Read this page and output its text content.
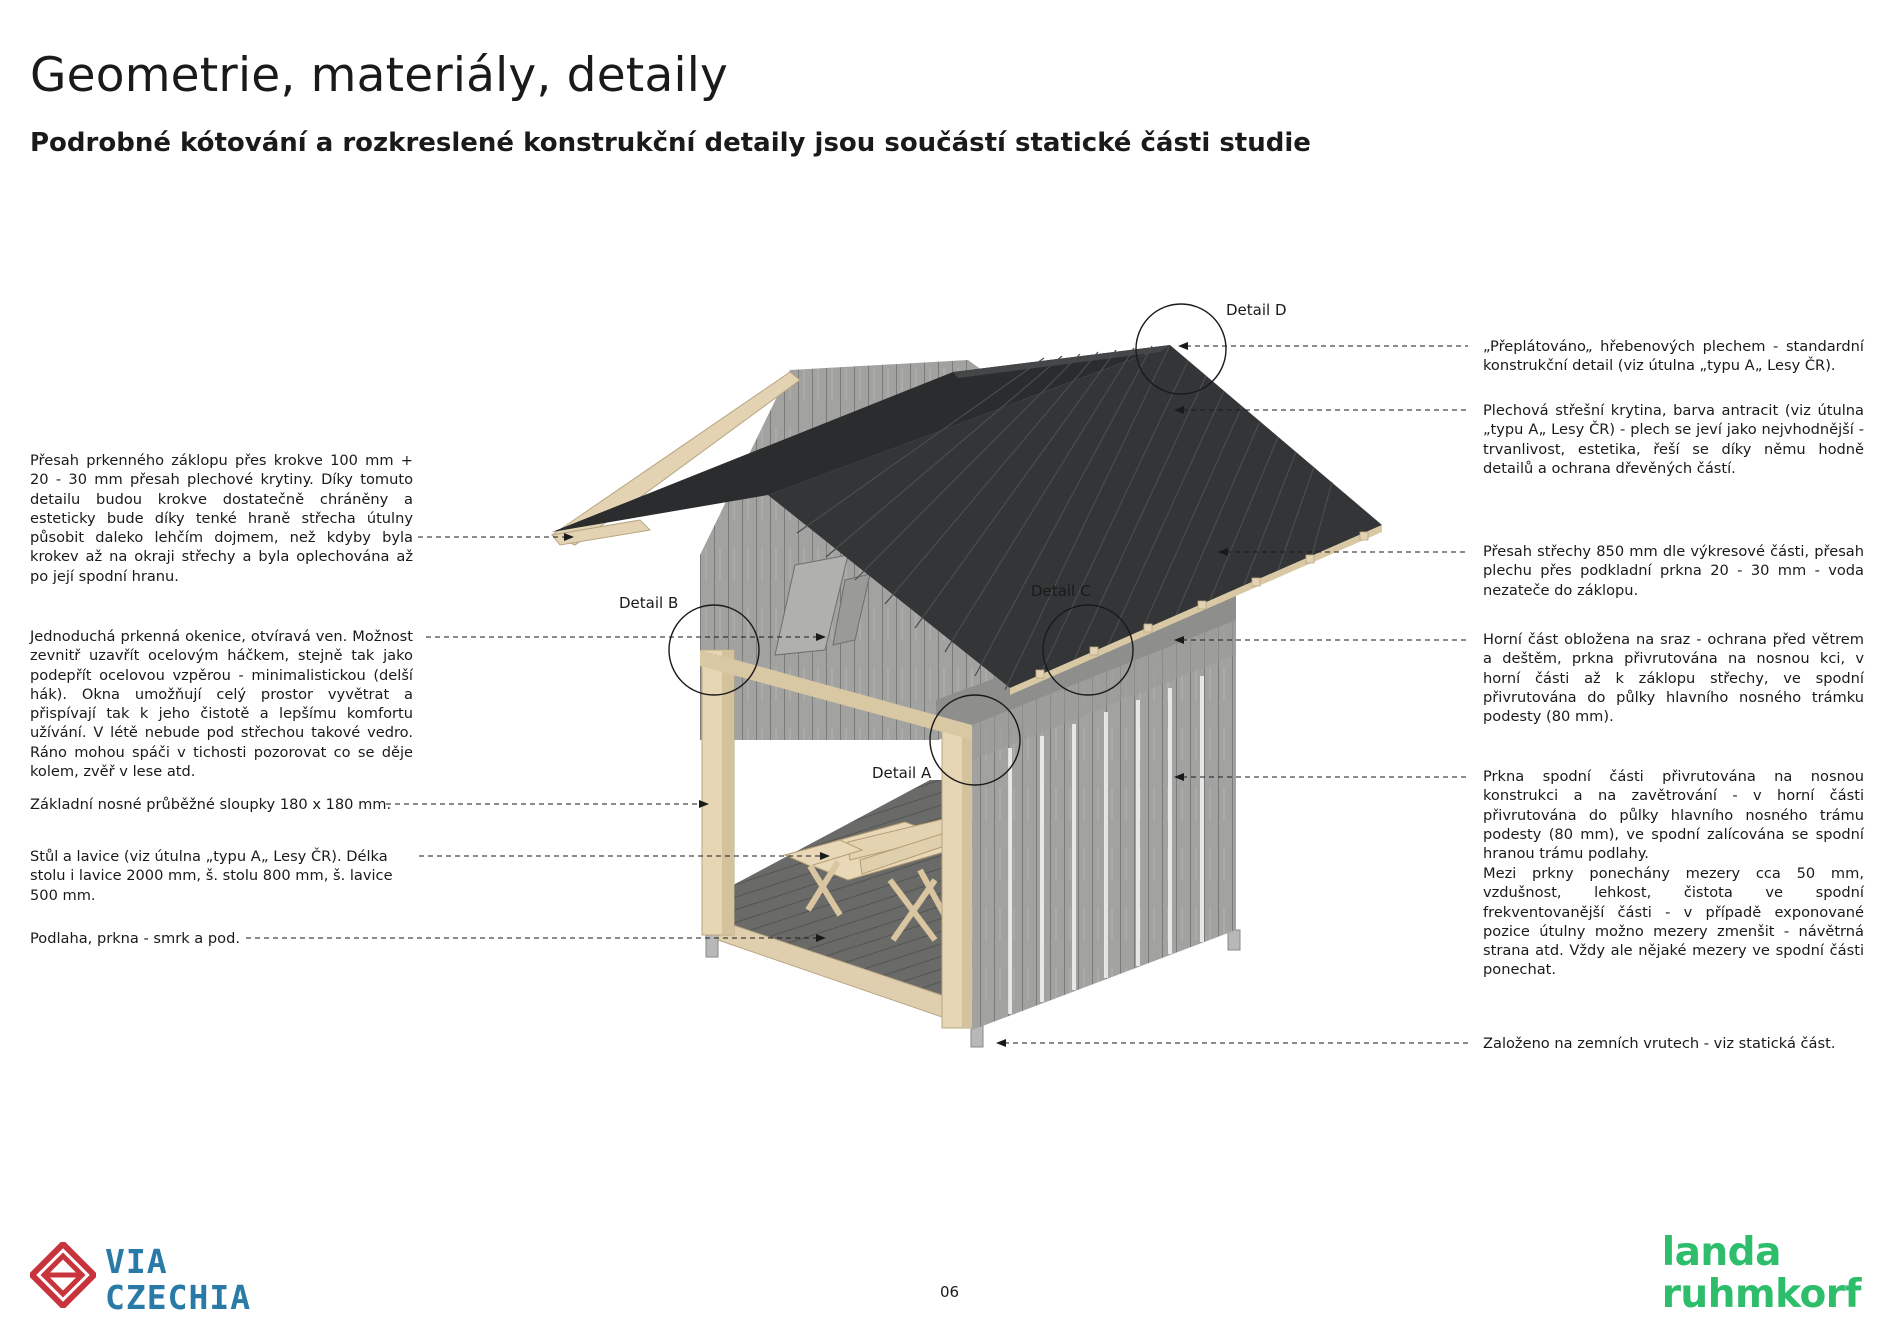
Geometrie, materiály, detaily
Podrobné kótování a rozkreslené konstrukční detaily jsou součástí statické části studie
Detail D
Detail B
Detail C
Detail A

Přesah prkenného záklopu přes krokve 100 mm + 20 - 30 mm přesah plechové krytiny. Díky tomuto detailu budou krokve dostatečně chráněny a esteticky bude díky tenké hraně střecha útulny působit daleko lehčím dojmem, než kdyby byla krokev až na okraji střechy a byla oplechována až po její spodní hranu.

Jednoduchá prkenná okenice, otvíravá ven. Možnost zevnitř uzavřít ocelovým háčkem, stejně tak jako podepřít ocelovou vzpěrou - minimalistickou (delší hák). Okna umožňují celý prostor vyvětrat a přispívají tak k jeho čistotě a lepšímu komfortu užívání. V létě nebude pod střechou takové vedro. Ráno mohou spáči v tichosti pozorovat co se děje kolem, zvěř v lese atd.

Základní nosné průběžné sloupky 180 x 180 mm.

Stůl a lavice (viz útulna „typu A„ Lesy ČR). Délka stolu i lavice 2000 mm, š. stolu 800 mm, š. lavice 500 mm.

Podlaha, prkna - smrk a pod.

„Přeplátováno„ hřebenových plechem - standardní konstrukční detail (viz útulna „typu A„ Lesy ČR).

Plechová střešní krytina, barva antracit (viz útulna „typu A„ Lesy ČR) - plech se jeví jako nejvhodnější - trvanlivost, estetika, řeší se díky němu hodně detailů a ochrana dřevěných částí.

Přesah střechy 850 mm dle výkresové části, přesah plechu přes podkladní prkna 20 - 30 mm - voda nezateče do záklopu.

Horní část obložena na sraz - ochrana před větrem a deštěm, prkna přivrutována na nosnou kci, v horní části až k záklopu střechy, ve spodní přivrutována do půlky hlavního nosného trámku podesty (80 mm).

Prkna spodní části přivrutována na nosnou konstrukci a na zavětrování - v horní části přivrutována do půlky hlavního nosného trámu podesty (80 mm), ve spodní zalícována se spodní hranou trámu podlahy.

Mezi prkny ponechány mezery cca 50 mm, vzdušnost, lehkost, čistota ve spodní frekventovanější části - v případě exponované pozice útulny možno mezery zmenšit - návětrná strana atd. Vždy ale nějaké mezery ve spodní části ponechat.

Založeno na zemních vrutech - viz statická část.

VIA
CZECHIA	06
landa
ruhmkorf
